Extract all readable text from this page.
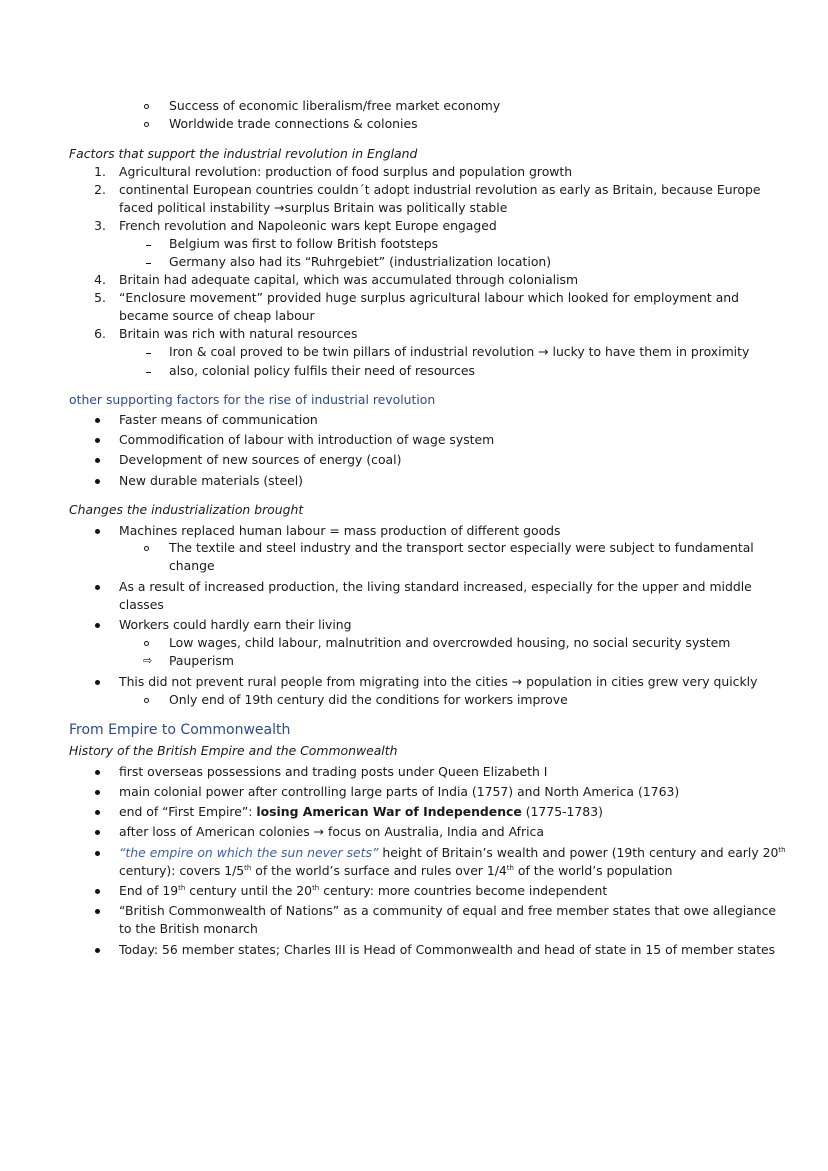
Success of economic liberalism/free market economy
Worldwide trade connections & colonies
Factors that support the industrial revolution in England
1. Agricultural revolution: production of food surplus and population growth
2. continental European countries couldn´t adopt industrial revolution as early as Britain, because Europe
faced political instability →surplus Britain was politically stable
3. French revolution and Napoleonic wars kept Europe engaged
Belgium was first to follow British footsteps
Germany also had its “Ruhrgebiet” (industrialization location)
4. Britain had adequate capital, which was accumulated through colonialism
5. “Enclosure movement” provided huge surplus agricultural labour which looked for employment and
became source of cheap labour
6. Britain was rich with natural resources
Iron & coal proved to be twin pillars of industrial revolution → lucky to have them in proximity
also, colonial policy fulfils their need of resources
other supporting factors for the rise of industrial revolution
Faster means of communication
Commodification of labour with introduction of wage system
Development of new sources of energy (coal)
New durable materials (steel)
Changes the industrialization brought
Machines replaced human labour = mass production of different goods
The textile and steel industry and the transport sector especially were subject to fundamental
change
As a result of increased production, the living standard increased, especially for the upper and middle
classes
Workers could hardly earn their living
Low wages, child labour, malnutrition and overcrowded housing, no social security system
⇨ Pauperism
This did not prevent rural people from migrating into the cities → population in cities grew very quickly
Only end of 19th century did the conditions for workers improve
From Empire to Commonwealth
History of the British Empire and the Commonwealth
first overseas possessions and trading posts under Queen Elizabeth I
main colonial power after controlling large parts of India (1757) and North America (1763)
end of “First Empire”: losing American War of Independence (1775-1783)
after loss of American colonies → focus on Australia, India and Africa
“the empire on which the sun never sets” height of Britain’s wealth and power (19th century and early 20th
century): covers 1/5th of the world’s surface and rules over 1/4th of the world’s population
End of 19th century until the 20th century: more countries become independent
“British Commonwealth of Nations” as a community of equal and free member states that owe allegiance
to the British monarch
Today: 56 member states; Charles III is Head of Commonwealth and head of state in 15 of member states
